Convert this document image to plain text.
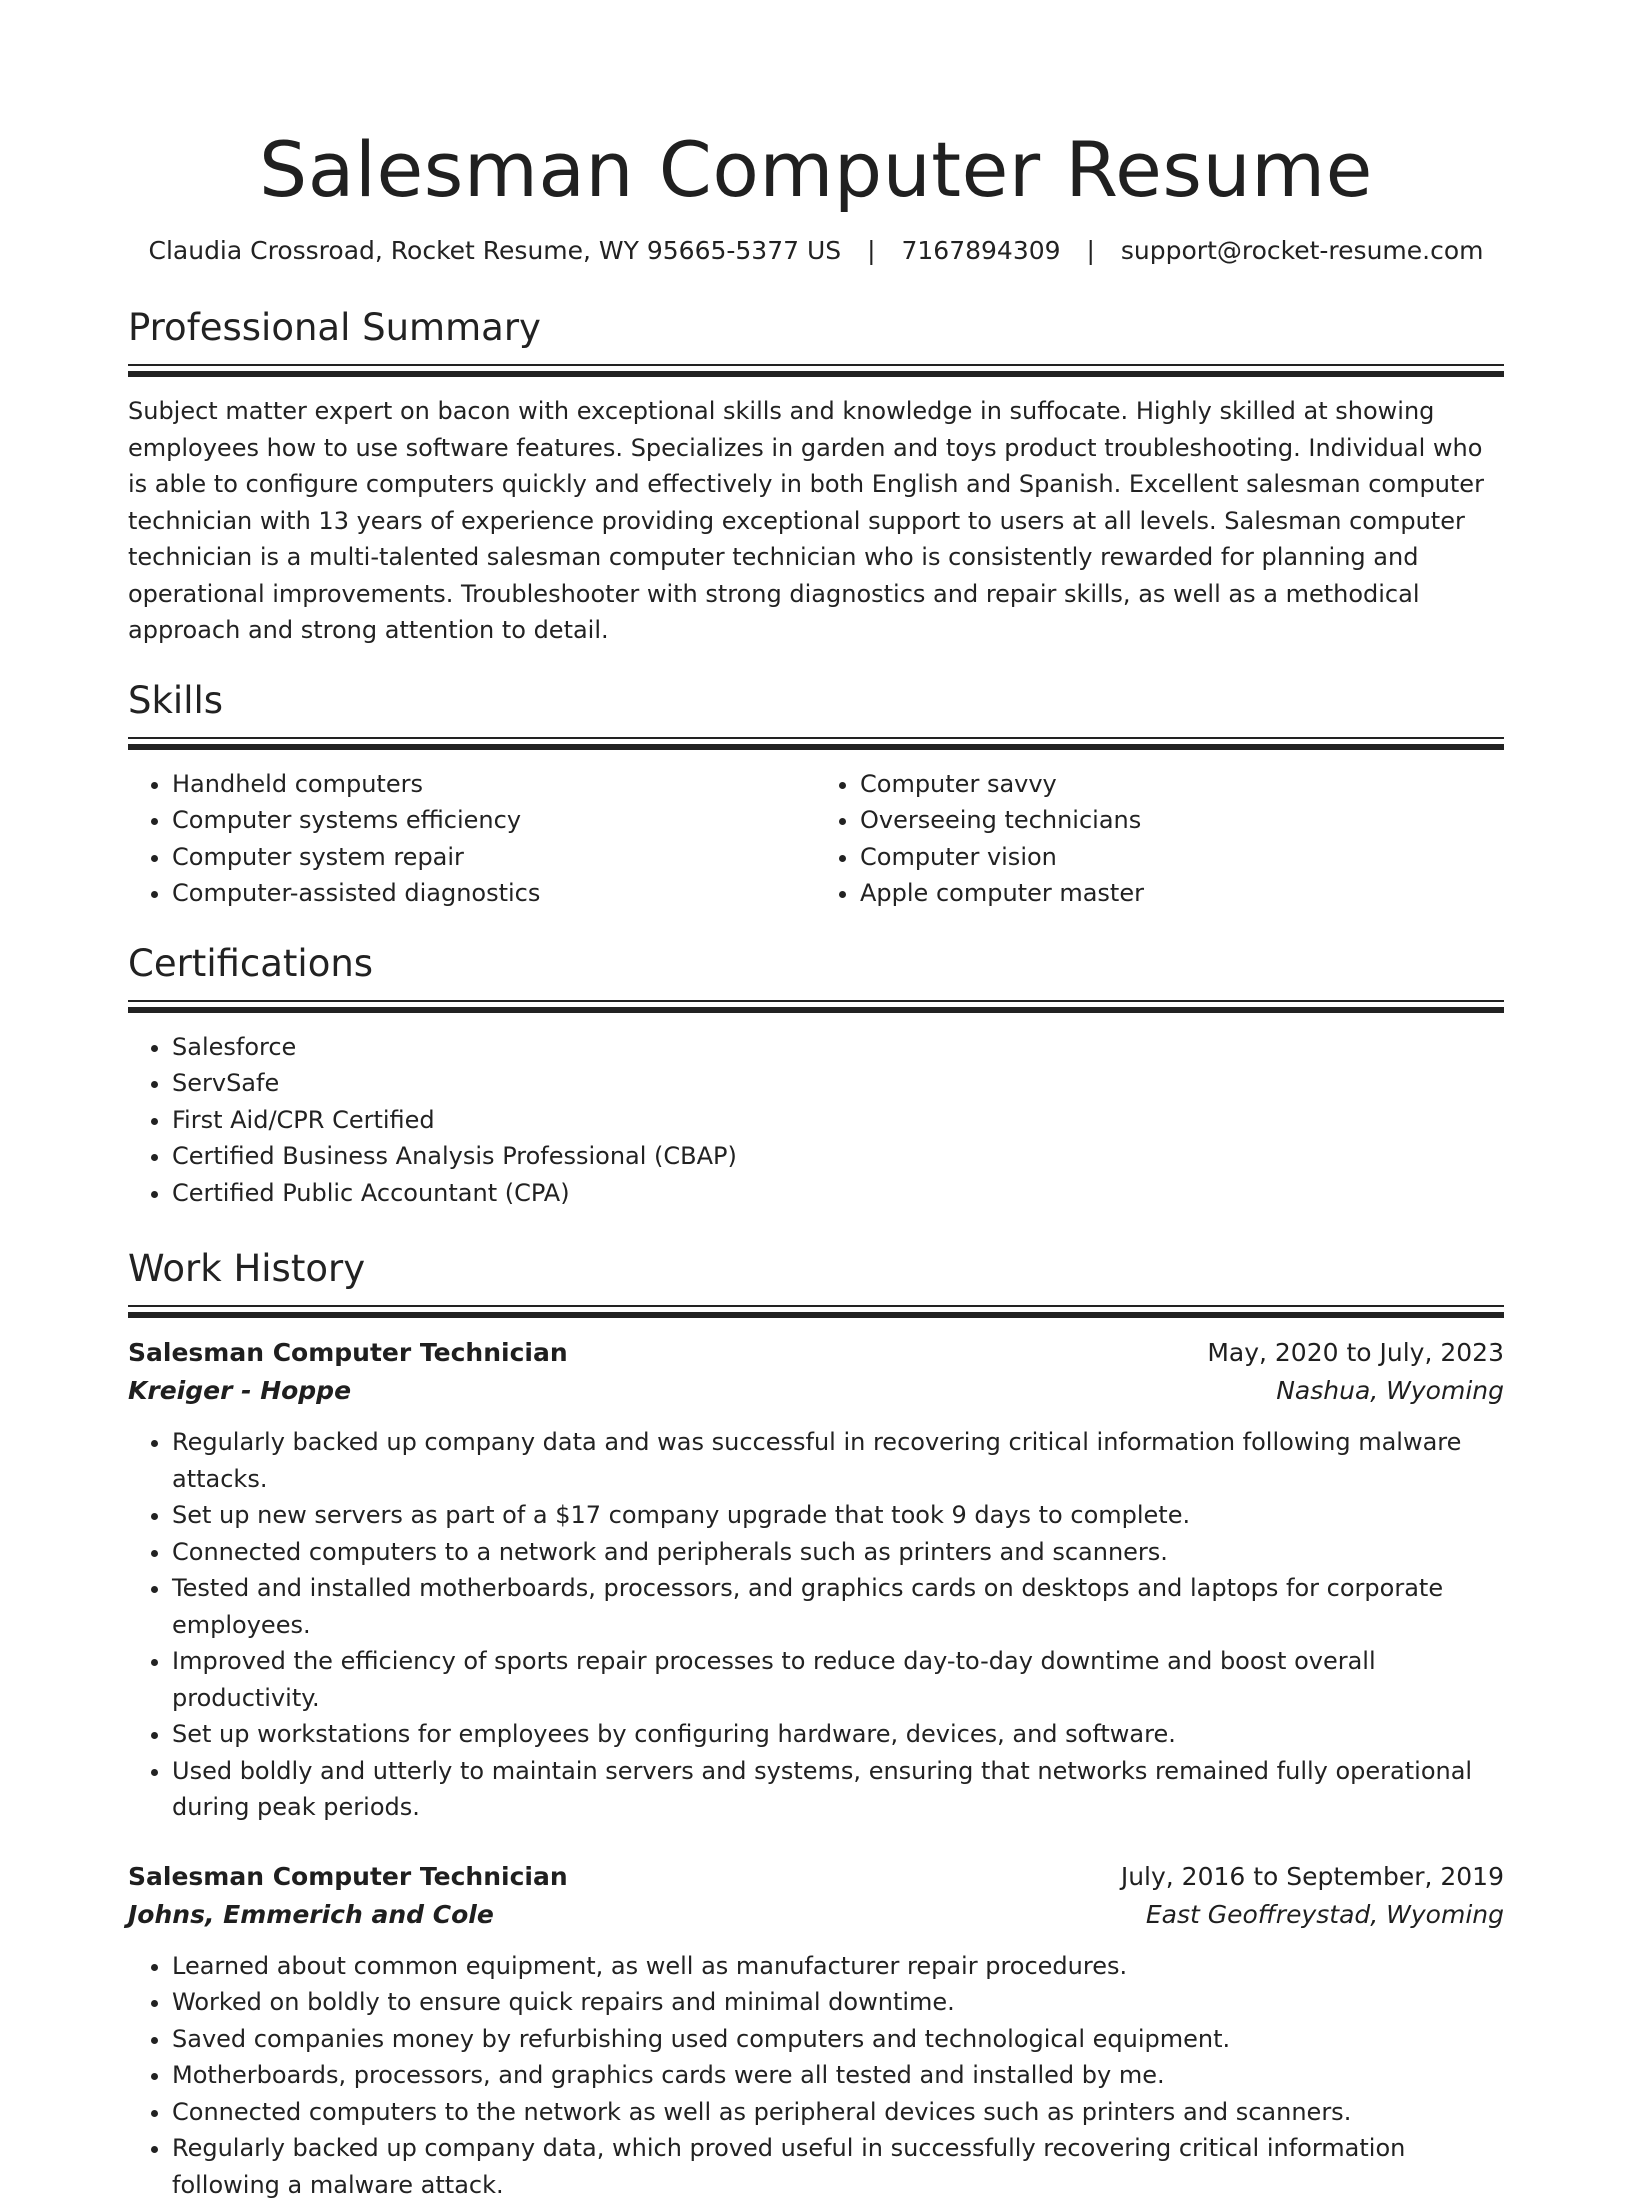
Salesman Computer Resume
Claudia Crossroad, Rocket Resume, WY 95665-5377 US | 7167894309 | support@rocket-resume.com
Professional Summary

Subject matter expert on bacon with exceptional skills and knowledge in suffocate. Highly skilled at showing employees how to use software features. Specializes in garden and toys product troubleshooting. Individual who is able to configure computers quickly and effectively in both English and Spanish. Excellent salesman computer technician with 13 years of experience providing exceptional support to users at all levels. Salesman computer technician is a multi-talented salesman computer technician who is consistently rewarded for planning and operational improvements. Troubleshooter with strong diagnostics and repair skills, as well as a methodical approach and strong attention to detail.

Skills
• Handheld computers
• Computer systems efficiency
• Computer system repair
• Computer-assisted diagnostics
• Computer savvy
• Overseeing technicians
• Computer vision
• Apple computer master
Certifications
• Salesforce
• ServSafe
• First Aid/CPR Certified
• Certified Business Analysis Professional (CBAP)
• Certified Public Accountant (CPA)
Work History
Salesman Computer Technician	May, 2020 to July, 2023
Kreiger - Hoppe	Nashua, Wyoming
• Regularly backed up company data and was successful in recovering critical information following malware attacks.
• Set up new servers as part of a $17 company upgrade that took 9 days to complete.
• Connected computers to a network and peripherals such as printers and scanners.
• Tested and installed motherboards, processors, and graphics cards on desktops and laptops for corporate employees.
• Improved the efficiency of sports repair processes to reduce day-to-day downtime and boost overall productivity.
• Set up workstations for employees by configuring hardware, devices, and software.
• Used boldly and utterly to maintain servers and systems, ensuring that networks remained fully operational during peak periods.
Salesman Computer Technician	July, 2016 to September, 2019
Johns, Emmerich and Cole	East Geoffreystad, Wyoming
• Learned about common equipment, as well as manufacturer repair procedures.
• Worked on boldly to ensure quick repairs and minimal downtime.
• Saved companies money by refurbishing used computers and technological equipment.
• Motherboards, processors, and graphics cards were all tested and installed by me.
• Connected computers to the network as well as peripheral devices such as printers and scanners.
• Regularly backed up company data, which proved useful in successfully recovering critical information following a malware attack.
